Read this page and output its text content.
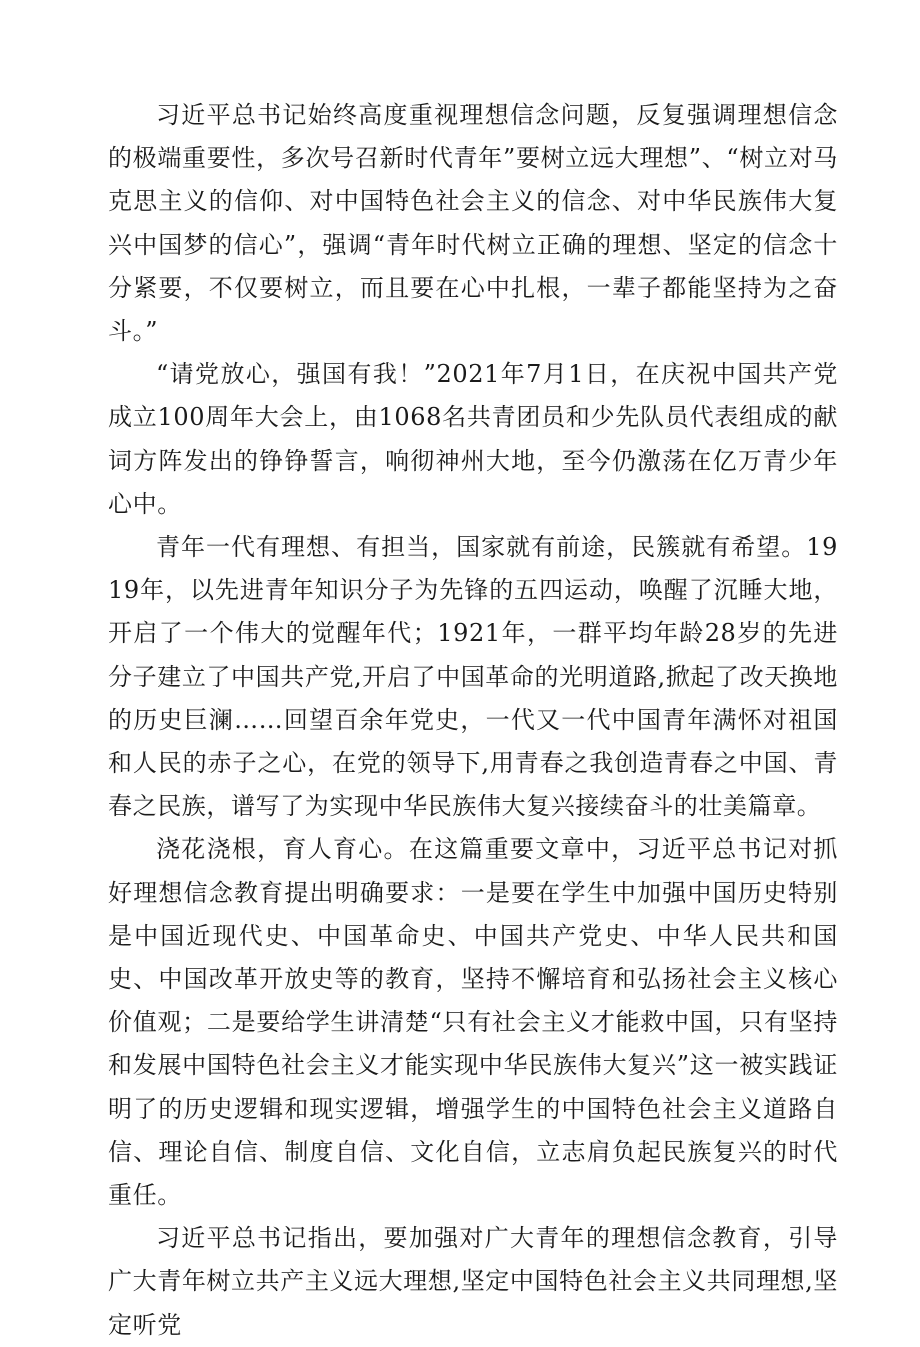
习近平总书记始终高度重视理想信念问题，反复强调理想信念的极端重要性，多次号召新时代青年”要树立远大理想”、“树立对马克思主义的信仰、对中国特色社会主义的信念、对中华民族伟大复兴中国梦的信心”，强调“青年时代树立正确的理想、坚定的信念十分紧要，不仅要树立，而且要在心中扎根，一辈子都能坚持为之奋斗。”

“请党放心，强国有我！”2021年7月1日，在庆祝中国共产党成立100周年大会上，由1068名共青团员和少先队员代表组成的献词方阵发出的铮铮誓言，响彻神州大地，至今仍激荡在亿万青少年心中。

青年一代有理想、有担当，国家就有前途，民簇就有希望。1919年，以先进青年知识分子为先锋的五四运动，唤醒了沉睡大地，开启了一个伟大的觉醒年代；1921年，一群平均年龄28岁的先进分子建立了中国共产党,开启了中国革命的光明道路,掀起了改天换地的历史巨澜……回望百余年党史，一代又一代中国青年满怀对祖国和人民的赤子之心，在党的领导下,用青春之我创造青春之中国、青春之民族，谱写了为实现中华民族伟大复兴接续奋斗的壮美篇章。

浇花浇根，育人育心。在这篇重要文章中，习近平总书记对抓好理想信念教育提出明确要求：一是要在学生中加强中国历史特别是中国近现代史、中国革命史、中国共产党史、中华人民共和国史、中国改革开放史等的教育，坚持不懈培育和弘扬社会主义核心价值观；二是要给学生讲清楚“只有社会主义才能救中国，只有坚持和发展中国特色社会主义才能实现中华民族伟大复兴”这一被实践证明了的历史逻辑和现实逻辑，增强学生的中国特色社会主义道路自信、理论自信、制度自信、文化自信，立志肩负起民族复兴的时代重任。

习近平总书记指出，要加强对广大青年的理想信念教育，引导广大青年树立共产主义远大理想,坚定中国特色社会主义共同理想,坚定听党
